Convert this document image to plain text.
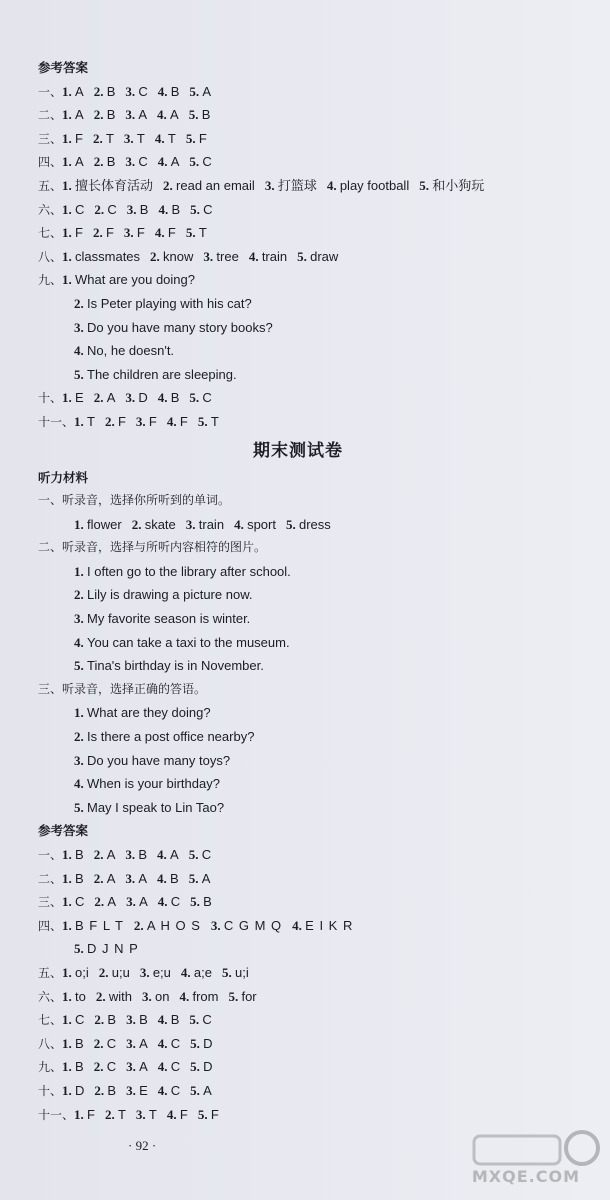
参考答案
一、1. A 2. B 3. C 4. B 5. A
二、1. A 2. B 3. A 4. A 5. B
三、1. F 2. T 3. T 4. T 5. F
四、1. A 2. B 3. C 4. A 5. C
五、1. 擅长体育活动 2. read an email 3. 打篮球 4. play football 5. 和小狗玩
六、1. C 2. C 3. B 4. B 5. C
七、1. F 2. F 3. F 4. F 5. T
八、1. classmates 2. know 3. tree 4. train 5. draw
九、1. What are you doing?
2. Is Peter playing with his cat?
3. Do you have many story books?
4. No, he doesn't.
5. The children are sleeping.
十、1. E 2. A 3. D 4. B 5. C
十一、1. T 2. F 3. F 4. F 5. T
期末测试卷
听力材料
一、听录音，选择你所听到的单词。
1. flower 2. skate 3. train 4. sport 5. dress
二、听录音，选择与所听内容相符的图片。
1. I often go to the library after school.
2. Lily is drawing a picture now.
3. My favorite season is winter.
4. You can take a taxi to the museum.
5. Tina's birthday is in November.
三、听录音，选择正确的答语。
1. What are they doing?
2. Is there a post office nearby?
3. Do you have many toys?
4. When is your birthday?
5. May I speak to Lin Tao?
参考答案
一、1. B 2. A 3. B 4. A 5. C
二、1. B 2. A 3. A 4. B 5. A
三、1. C 2. A 3. A 4. C 5. B
四、1. B F L T 2. A H O S 3. C G M Q 4. E I K R
5. D J N P
五、1. o;i 2. u;u 3. e;u 4. a;e 5. u;i
六、1. to 2. with 3. on 4. from 5. for
七、1. C 2. B 3. B 4. B 5. C
八、1. B 2. C 3. A 4. C 5. D
九、1. B 2. C 3. A 4. C 5. D
十、1. D 2. B 3. E 4. C 5. A
十一、1. F 2. T 3. T 4. F 5. F
· 92 ·
MXQE.COM
